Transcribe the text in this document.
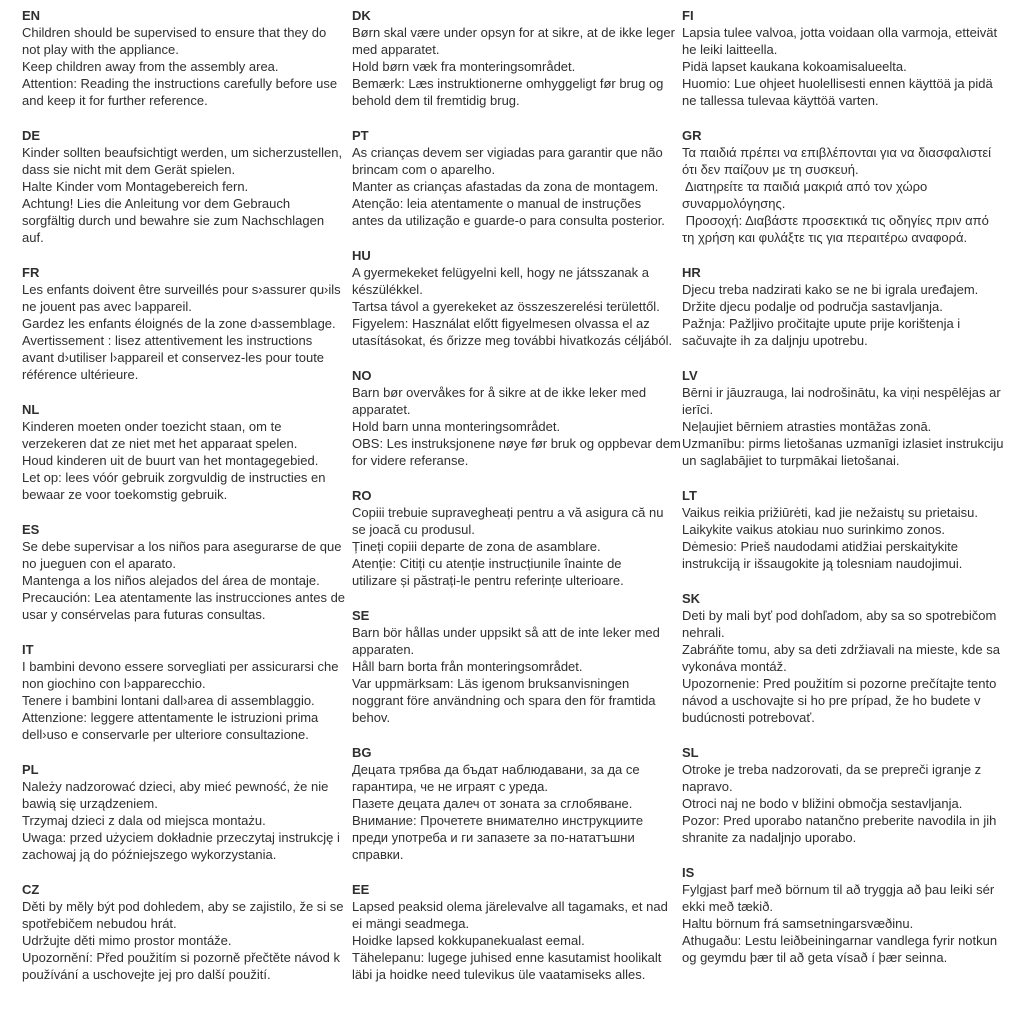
EN
Children should be supervised to ensure that they do
not play with the appliance.
Keep children away from the assembly area.
Attention: Reading the instructions carefully before use
and keep it for further reference.
DE
Kinder sollten beaufsichtigt werden, um sicherzustellen,
dass sie nicht mit dem Gerät spielen.
Halte Kinder vom Montagebereich fern.
Achtung! Lies die Anleitung vor dem Gebrauch
sorgfältig durch und bewahre sie zum Nachschlagen
auf.
FR
Les enfants doivent être surveillés pour s›assurer qu›ils
ne jouent pas avec l›appareil.
Gardez les enfants éloignés de la zone d›assemblage.
Avertissement : lisez attentivement les instructions
avant d›utiliser l›appareil et conservez-les pour toute
référence ultérieure.
NL
Kinderen moeten onder toezicht staan, om te
verzekeren dat ze niet met het apparaat spelen.
Houd kinderen uit de buurt van het montagegebied.
Let op: lees vóór gebruik zorgvuldig de instructies en
bewaar ze voor toekomstig gebruik.
ES
Se debe supervisar a los niños para asegurarse de que
no jueguen con el aparato.
Mantenga a los niños alejados del área de montaje.
Precaución: Lea atentamente las instrucciones antes de
usar y consérvelas para futuras consultas.
IT
I bambini devono essere sorvegliati per assicurarsi che
non giochino con l›apparecchio.
Tenere i bambini lontani dall›area di assemblaggio.
Attenzione: leggere attentamente le istruzioni prima
dell›uso e conservarle per ulteriore consultazione.
PL
Należy nadzorować dzieci, aby mieć pewność, że nie
bawią się urządzeniem.
Trzymaj dzieci z dala od miejsca montażu.
Uwaga: przed użyciem dokładnie przeczytaj instrukcję i
zachowaj ją do późniejszego wykorzystania.
CZ
Děti by měly být pod dohledem, aby se zajistilo, že si se
spotřebičem nebudou hrát.
Udržujte děti mimo prostor montáže.
Upozornění: Před použitím si pozorně přečtěte návod k
používání a uschovejte jej pro další použití.
DK
Børn skal være under opsyn for at sikre, at de ikke leger
med apparatet.
Hold børn væk fra monteringsområdet.
Bemærk: Læs instruktionerne omhyggeligt før brug og
behold dem til fremtidig brug.
PT
As crianças devem ser vigiadas para garantir que não
brincam com o aparelho.
Manter as crianças afastadas da zona de montagem.
Atenção: leia atentamente o manual de instruções
antes da utilização e guarde-o para consulta posterior.
HU
A gyermekeket felügyelni kell, hogy ne játsszanak a
készülékkel.
Tartsa távol a gyerekeket az összeszerelési területtől.
Figyelem: Használat előtt figyelmesen olvassa el az
utasításokat, és őrizze meg további hivatkozás céljából.
NO
Barn bør overvåkes for å sikre at de ikke leker med
apparatet.
Hold barn unna monteringsområdet.
OBS: Les instruksjonene nøye før bruk og oppbevar dem
for videre referanse.
RO
Copiii trebuie supravegheați pentru a vă asigura că nu
se joacă cu produsul.
Țineți copiii departe de zona de asamblare.
Atenție: Citiți cu atenție instrucțiunile înainte de
utilizare și păstrați-le pentru referințe ulterioare.
SE
Barn bör hållas under uppsikt så att de inte leker med
apparaten.
Håll barn borta från monteringsområdet.
Var uppmärksam: Läs igenom bruksanvisningen
noggrant före användning och spara den för framtida
behov.
BG
Децата трябва да бъдат наблюдавани, за да се
гарантира, че не играят с уреда.
Пазете децата далеч от зоната за сглобяване.
Внимание: Прочетете внимателно инструкциите
преди употреба и ги запазете за по-нататъшни
справки.
EE
Lapsed peaksid olema järelevalve all tagamaks, et nad
ei mängi seadmega.
Hoidke lapsed kokkupanekualast eemal.
Tähelepanu: lugege juhised enne kasutamist hoolikalt
läbi ja hoidke need tulevikus üle vaatamiseks alles.
FI
Lapsia tulee valvoa, jotta voidaan olla varmoja, etteivät
he leiki laitteella.
Pidä lapset kaukana kokoamisalueelta.
Huomio: Lue ohjeet huolellisesti ennen käyttöä ja pidä
ne tallessa tulevaa käyttöä varten.
GR
Τα παιδιά πρέπει να επιβλέπονται για να διασφαλιστεί
ότι δεν παίζουν με τη συσκευή.
Διατηρείτε τα παιδιά μακριά από τον χώρο
συναρμολόγησης.
Προσοχή: Διαβάστε προσεκτικά τις οδηγίες πριν από
τη χρήση και φυλάξτε τις για περαιτέρω αναφορά.
HR
Djecu treba nadzirati kako se ne bi igrala uređajem.
Držite djecu podalje od područja sastavljanja.
Pažnja: Pažljivo pročitajte upute prije korištenja i
sačuvajte ih za daljnju upotrebu.
LV
Bērni ir jāuzrauga, lai nodrošinātu, ka viņi nespēlējas ar
ierīci.
Neļaujiet bērniem atrasties montāžas zonā.
Uzmanību: pirms lietošanas uzmanīgi izlasiet instrukciju
un saglabājiet to turpmākai lietošanai.
LT
Vaikus reikia prižiūrėti, kad jie nežaistų su prietaisu.
Laikykite vaikus atokiau nuo surinkimo zonos.
Dėmesio: Prieš naudodami atidžiai perskaitykite
instrukciją ir išsaugokite ją tolesniam naudojimui.
SK
Deti by mali byť pod dohľadom, aby sa so spotrebičom
nehrali.
Zabráňte tomu, aby sa deti zdržiavali na mieste, kde sa
vykonáva montáž.
Upozornenie: Pred použitím si pozorne prečítajte tento
návod a uschovajte si ho pre prípad, že ho budete v
budúcnosti potrebovať.
SL
Otroke je treba nadzorovati, da se prepreči igranje z
napravo.
Otroci naj ne bodo v bližini območja sestavljanja.
Pozor: Pred uporabo natančno preberite navodila in jih
shranite za nadaljnjo uporabo.
IS
Fylgjast þarf með börnum til að tryggja að þau leiki sér
ekki með tækið.
Haltu börnum frá samsetningarsvæðinu.
Athugaðu: Lestu leiðbeiningarnar vandlega fyrir notkun
og geymdu þær til að geta vísað í þær seinna.
